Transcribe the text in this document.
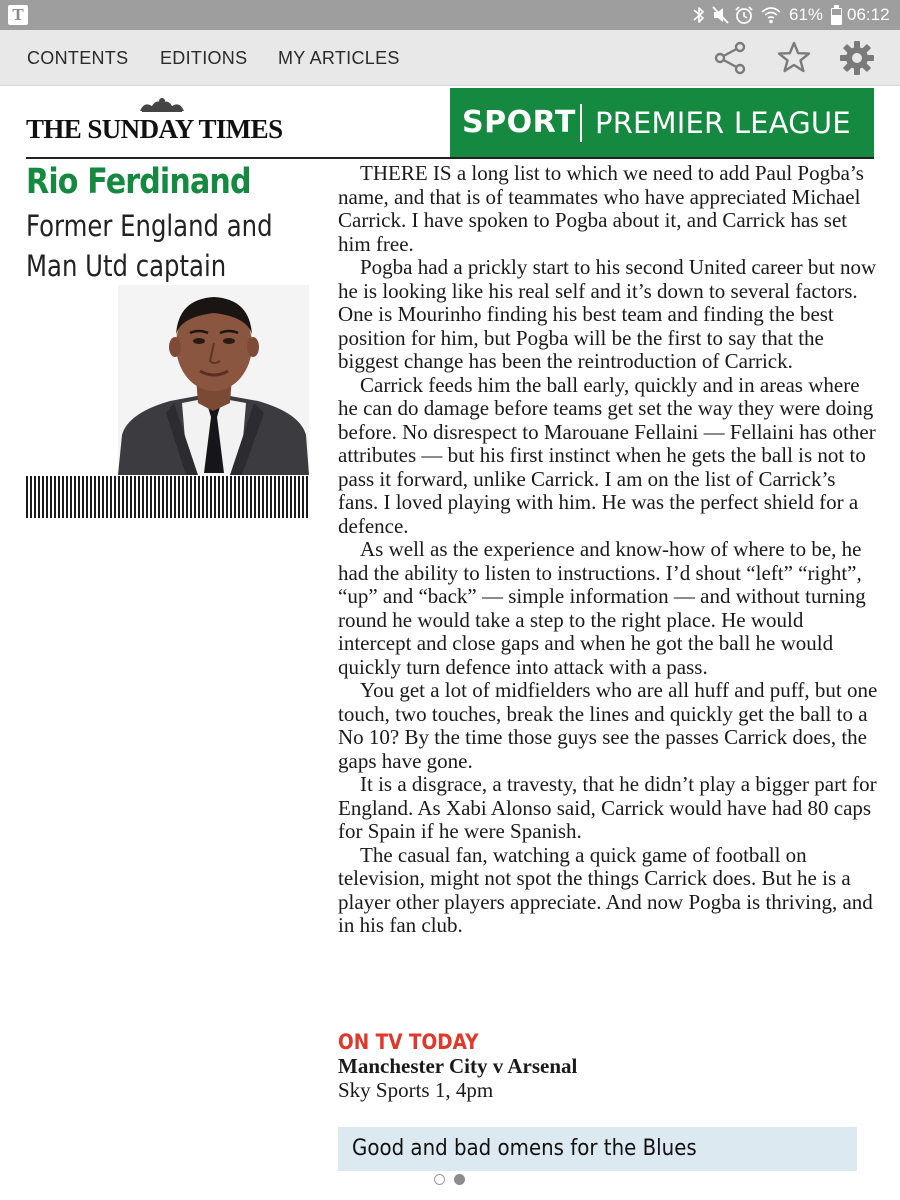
T	61% 06:12
CONTENTS EDITIONS MY ARTICLES
THE SUNDAY TIMES	SPORT PREMIER LEAGUE
Rio Ferdinand
Former England and Man Utd captain

THERE IS a long list to which we need to add Paul Pogba’s name, and that is of teammates who have appreciated Michael Carrick. I have spoken to Pogba about it, and Carrick has set him free.

Pogba had a prickly start to his second United career but now he is looking like his real self and it’s down to several factors. One is Mourinho finding his best team and finding the best position for him, but Pogba will be the first to say that the biggest change has been the reintroduction of Carrick.

Carrick feeds him the ball early, quickly and in areas where he can do damage before teams get set the way they were doing before. No disrespect to Marouane Fellaini — Fellaini has other attributes — but his first instinct when he gets the ball is not to pass it forward, unlike Carrick. I am on the list of Carrick’s fans. I loved playing with him. He was the perfect shield for a defence.

As well as the experience and know-how of where to be, he had the ability to listen to instructions. I’d shout “left” “right”, “up” and “back” — simple information — and without turning round he would take a step to the right place. He would intercept and close gaps and when he got the ball he would quickly turn defence into attack with a pass.

You get a lot of midfielders who are all huff and puff, but one touch, two touches, break the lines and quickly get the ball to a No 10? By the time those guys see the passes Carrick does, the gaps have gone.

It is a disgrace, a travesty, that he didn’t play a bigger part for England. As Xabi Alonso said, Carrick would have had 80 caps for Spain if he were Spanish.

The casual fan, watching a quick game of football on television, might not spot the things Carrick does. But he is a player other players appreciate. And now Pogba is thriving, and in his fan club.

ON TV TODAY
Manchester City v Arsenal
Sky Sports 1, 4pm
Good and bad omens for the Blues
